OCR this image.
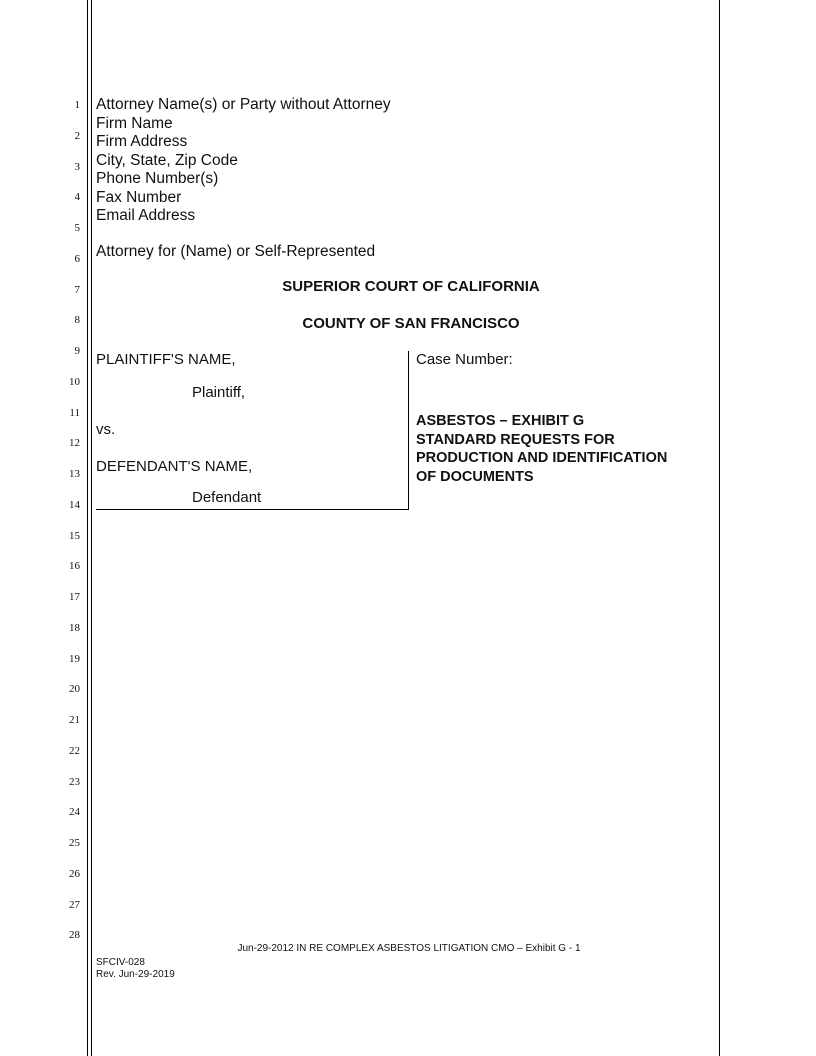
1
2
3
4
5
6
7
8
9
10
11
12
13
14
15
16
17
18
19
20
21
22
23
24
25
26
27
28
Attorney Name(s) or Party without Attorney
Firm Name
Firm Address
City, State, Zip Code
Phone Number(s)
Fax Number
Email Address
Attorney for (Name) or Self-Represented
SUPERIOR COURT OF CALIFORNIA
COUNTY OF SAN FRANCISCO
PLAINTIFF'S NAME,
Plaintiff,
vs.
DEFENDANT'S NAME,
Defendant
Case Number:
ASBESTOS – EXHIBIT G
STANDARD REQUESTS FOR
PRODUCTION AND IDENTIFICATION
OF DOCUMENTS
Jun-29-2012 IN RE COMPLEX ASBESTOS LITIGATION CMO – Exhibit G - 1
SFCIV-028
Rev. Jun-29-2019
